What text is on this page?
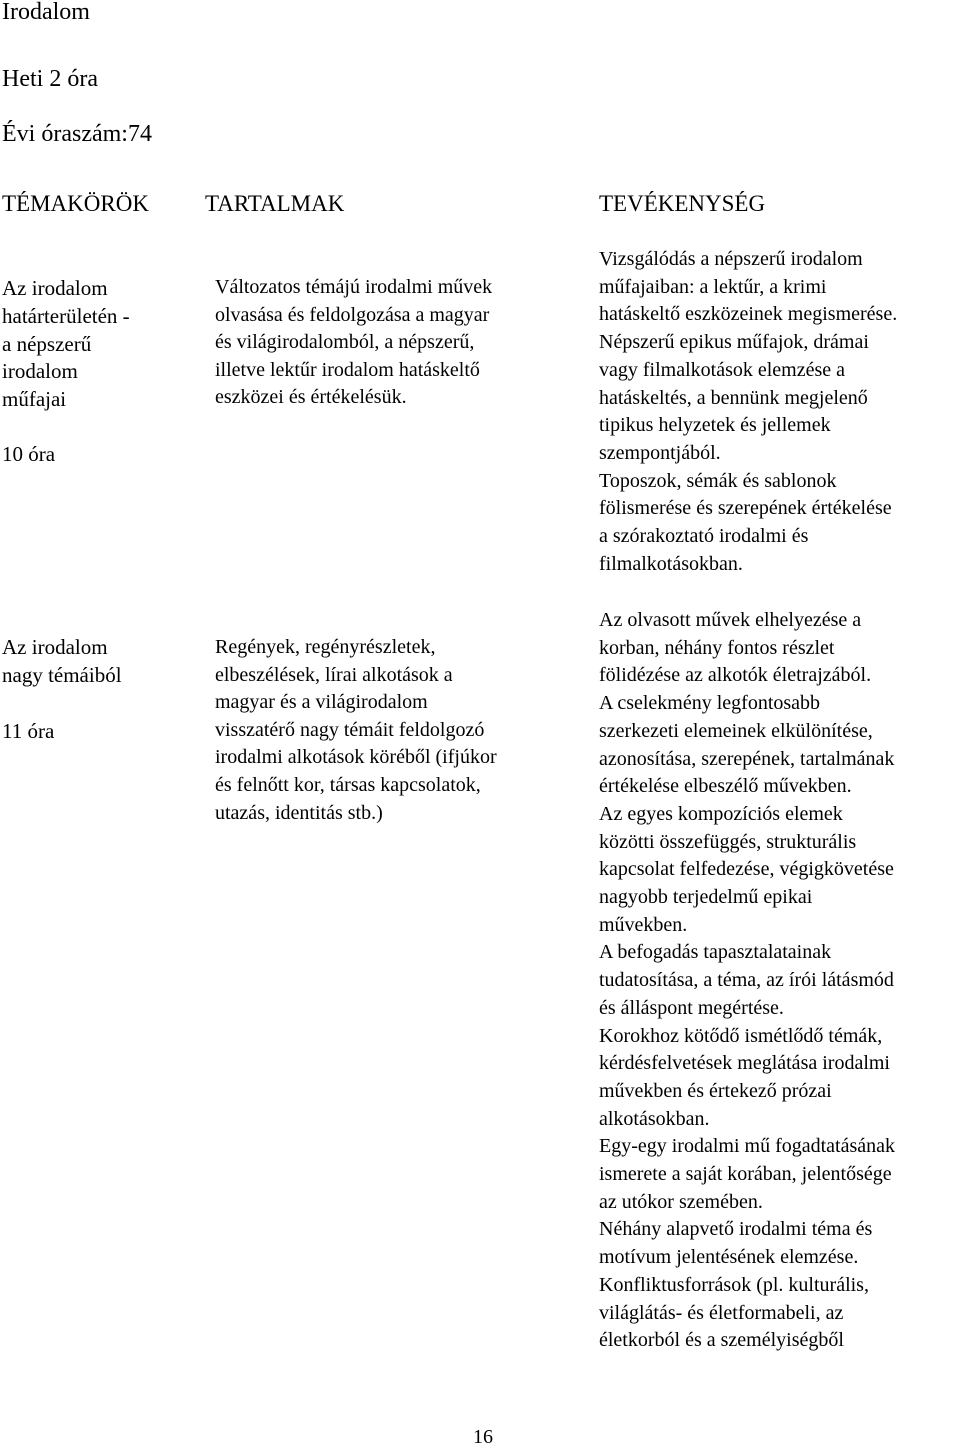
Irodalom
Heti 2 óra
Évi óraszám:74
TÉMAKÖRÖK TARTALMAK	TEVÉKENYSÉG
Az irodalom
határterületén -
a népszerű
irodalom
műfajai
10 óra
Változatos témájú irodalmi művek
olvasása és feldolgozása a magyar
és világirodalomból, a népszerű,
illetve lektűr irodalom hatáskeltő
eszközei és értékelésük.
Vizsgálódás a népszerű irodalom
műfajaiban: a lektűr, a krimi
hatáskeltő eszközeinek megismerése.
Népszerű epikus műfajok, drámai
vagy filmalkotások elemzése a
hatáskeltés, a bennünk megjelenő
tipikus helyzetek és jellemek
szempontjából.
Toposzok, sémák és sablonok
fölismerése és szerepének értékelése
a szórakoztató irodalmi és
filmalkotásokban.
Az irodalom
nagy témáiból
11 óra
Regények, regényrészletek,
elbeszélések, lírai alkotások a
magyar és a világirodalom
visszatérő nagy témáit feldolgozó
irodalmi alkotások köréből (ifjúkor
és felnőtt kor, társas kapcsolatok,
utazás, identitás stb.)
Az olvasott művek elhelyezése a
korban, néhány fontos részlet
fölidézése az alkotók életrajzából.
A cselekmény legfontosabb
szerkezeti elemeinek elkülönítése,
azonosítása, szerepének, tartalmának
értékelése elbeszélő művekben.
Az egyes kompozíciós elemek
közötti összefüggés, strukturális
kapcsolat felfedezése, végigkövetése
nagyobb terjedelmű epikai
művekben.
A befogadás tapasztalatainak
tudatosítása, a téma, az írói látásmód
és álláspont megértése.
Korokhoz kötődő ismétlődő témák,
kérdésfelvetések meglátása irodalmi
művekben és értekező prózai
alkotásokban.
Egy-egy irodalmi mű fogadtatásának
ismerete a saját korában, jelentősége
az utókor szemében.
Néhány alapvető irodalmi téma és
motívum jelentésének elemzése.
Konfliktusforrások (pl. kulturális,
világlátás- és életformabeli, az
életkorból és a személyiségből
16
